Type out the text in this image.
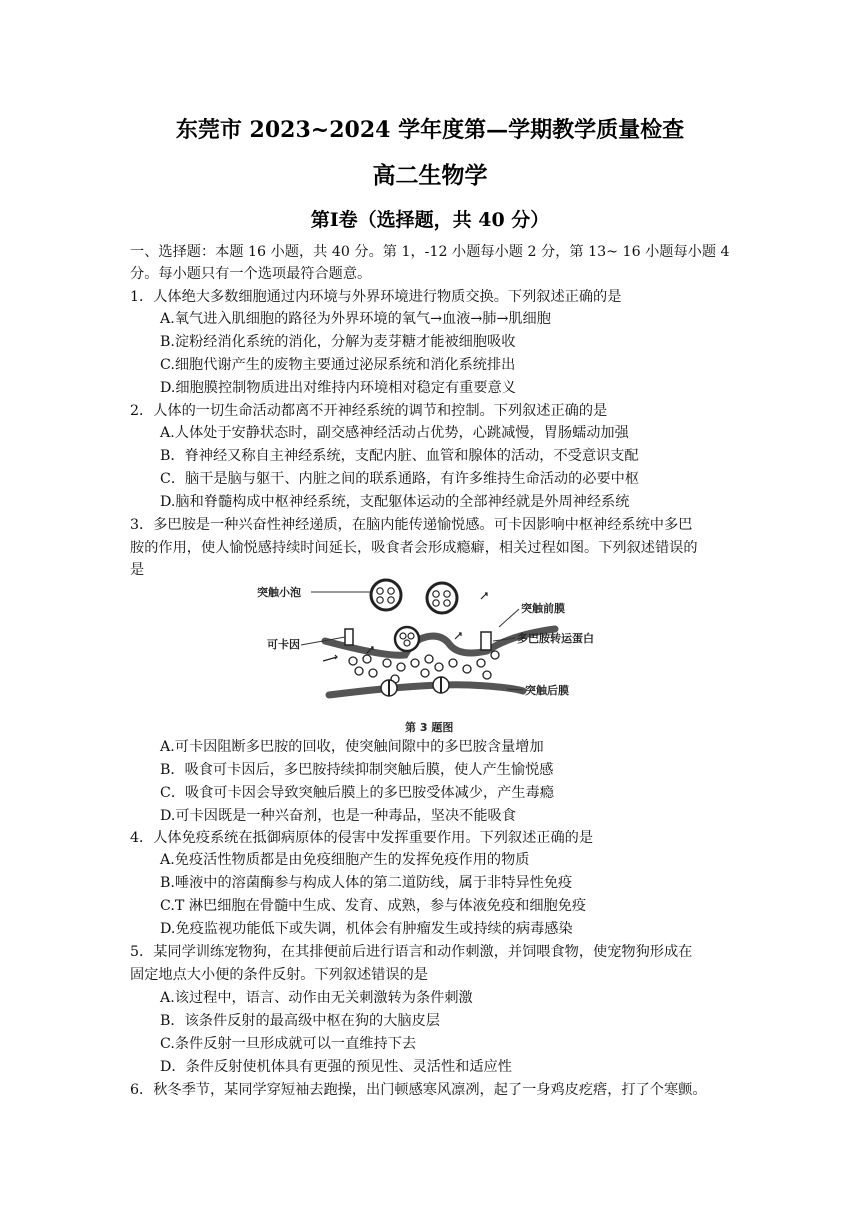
东莞市 2023~2024 学年度第—学期教学质量检查
高二生物学
第Ⅰ卷（选择题，共 40 分）
一、选择题：本题 16 小题，共 40 分。第 1，-12 小题每小题 2 分，第 13~ 16 小题每小题 4
分。每小题只有一个选项最符合题意。
1．人体绝大多数细胞通过内环境与外界环境进行物质交换。下列叙述正确的是
A.氧气进入肌细胞的路径为外界环境的氧气→血液→肺→肌细胞
B.淀粉经消化系统的消化，分解为麦芽糖才能被细胞吸收
C.细胞代谢产生的废物主要通过泌尿系统和消化系统排出
D.细胞膜控制物质进出对维持内环境相对稳定有重要意义
2．人体的一切生命活动都离不开神经系统的调节和控制。下列叙述正确的是
A.人体处于安静状态时，副交感神经活动占优势，心跳减慢，胃肠蠕动加强
B．脊神经又称自主神经系统，支配内脏、血管和腺体的活动，不受意识支配
C．脑干是脑与躯干、内脏之间的联系通路，有许多维持生命活动的必要中枢
D.脑和脊髓构成中枢神经系统，支配躯体运动的全部神经就是外周神经系统
3．多巴胺是一种兴奋性神经递质，在脑内能传递愉悦感。可卡因影响中枢神经系统中多巴
胺的作用，使人愉悦感持续时间延长，吸食者会形成瘾癖，相关过程如图。下列叙述错误的
是
突触小泡
可卡因
突触前膜
多巴胺转运蛋白
突触后膜
第 3 题图
A.可卡因阻断多巴胺的回收，使突触间隙中的多巴胺含量增加
B．吸食可卡因后，多巴胺持续抑制突触后膜，使人产生愉悦感
C．吸食可卡因会导致突触后膜上的多巴胺受体减少，产生毒瘾
D.可卡因既是一种兴奋剂，也是一种毒品，坚决不能吸食
4．人体免疫系统在抵御病原体的侵害中发挥重要作用。下列叙述正确的是
A.免疫活性物质都是由免疫细胞产生的发挥免疫作用的物质
B.唾液中的溶菌酶参与构成人体的第二道防线，属于非特异性免疫
C.T 淋巴细胞在骨髓中生成、发育、成熟，参与体液免疫和细胞免疫
D.免疫监视功能低下或失调，机体会有肿瘤发生或持续的病毒感染
5．某同学训练宠物狗，在其排便前后进行语言和动作刺激，并饲喂食物，使宠物狗形成在
固定地点大小便的条件反射。下列叙述错误的是
A.该过程中，语言、动作由无关刺激转为条件刺激
B．该条件反射的最高级中枢在狗的大脑皮层
C.条件反射一旦形成就可以一直维持下去
D．条件反射使机体具有更强的预见性、灵活性和适应性
6．秋冬季节，某同学穿短袖去跑操，出门顿感寒风凛冽，起了一身鸡皮疙瘩，打了个寒颤。
